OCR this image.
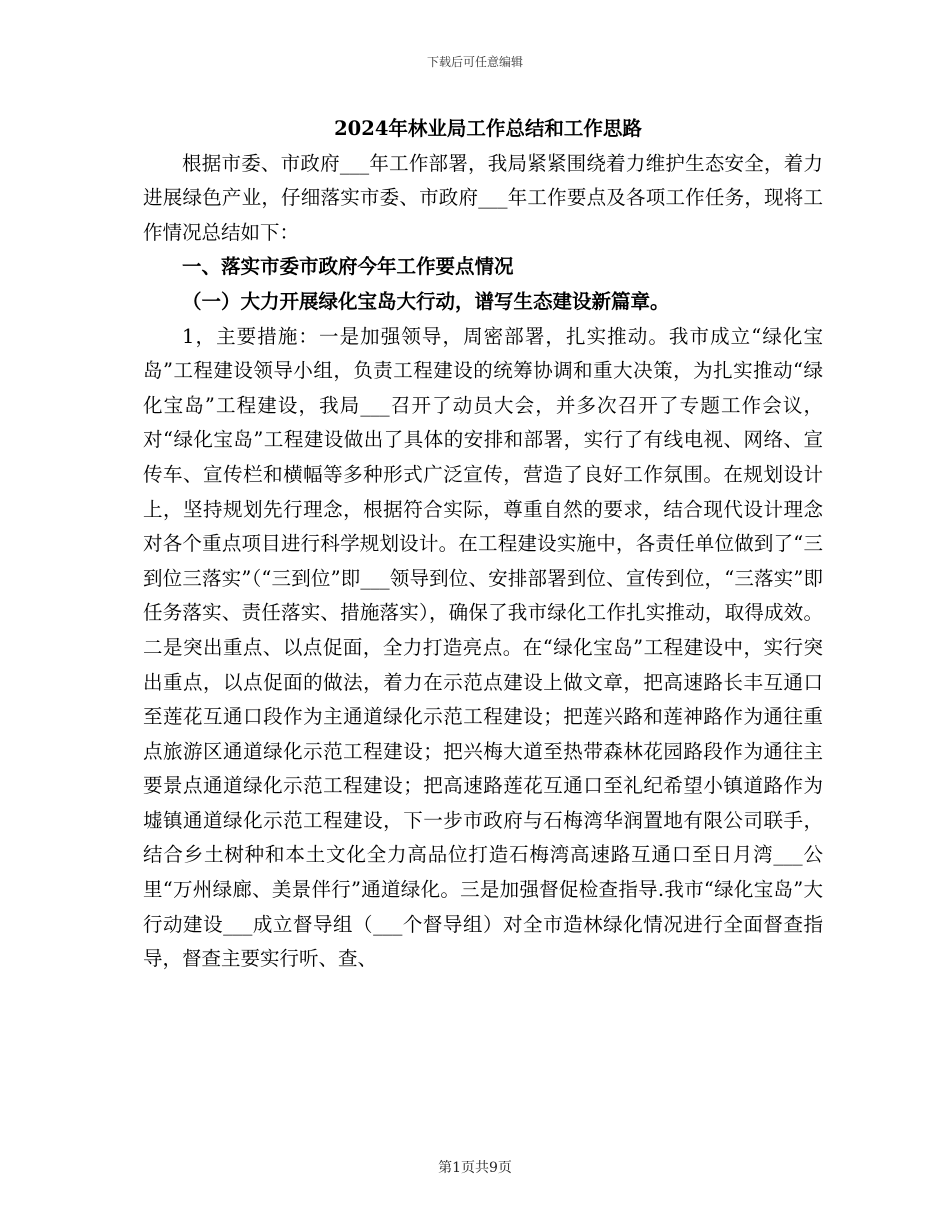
下载后可任意编辑

2024年林业局工作总结和工作思路

根据市委、市政府___年工作部署，我局紧紧围绕着力维护生态安全，着力进展绿色产业，仔细落实市委、市政府___年工作要点及各项工作任务，现将工作情况总结如下：

一、落实市委市政府今年工作要点情况

（一）大力开展绿化宝岛大行动，谱写生态建设新篇章。

1，主要措施：一是加强领导，周密部署，扎实推动。我市成立“绿化宝岛”工程建设领导小组，负责工程建设的统筹协调和重大决策，为扎实推动“绿化宝岛”工程建设，我局___召开了动员大会，并多次召开了专题工作会议，对“绿化宝岛”工程建设做出了具体的安排和部署，实行了有线电视、网络、宣传车、宣传栏和横幅等多种形式广泛宣传，营造了良好工作氛围。在规划设计上，坚持规划先行理念，根据符合实际，尊重自然的要求，结合现代设计理念对各个重点项目进行科学规划设计。在工程建设实施中，各责任单位做到了“三到位三落实”（“三到位”即___领导到位、安排部署到位、宣传到位，“三落实”即任务落实、责任落实、措施落实），确保了我市绿化工作扎实推动，取得成效。二是突出重点、以点促面，全力打造亮点。在“绿化宝岛”工程建设中，实行突出重点，以点促面的做法，着力在示范点建设上做文章，把高速路长丰互通口至莲花互通口段作为主通道绿化示范工程建设；把莲兴路和莲神路作为通往重点旅游区通道绿化示范工程建设；把兴梅大道至热带森林花园路段作为通往主要景点通道绿化示范工程建设；把高速路莲花互通口至礼纪希望小镇道路作为墟镇通道绿化示范工程建设，下一步市政府与石梅湾华润置地有限公司联手，结合乡土树种和本土文化全力高品位打造石梅湾高速路互通口至日月湾___公里“万州绿廊、美景伴行”通道绿化。三是加强督促检查指导.我市“绿化宝岛”大行动建设___成立督导组（___个督导组）对全市造林绿化情况进行全面督查指导，督查主要实行听、查、

第1页共9页
